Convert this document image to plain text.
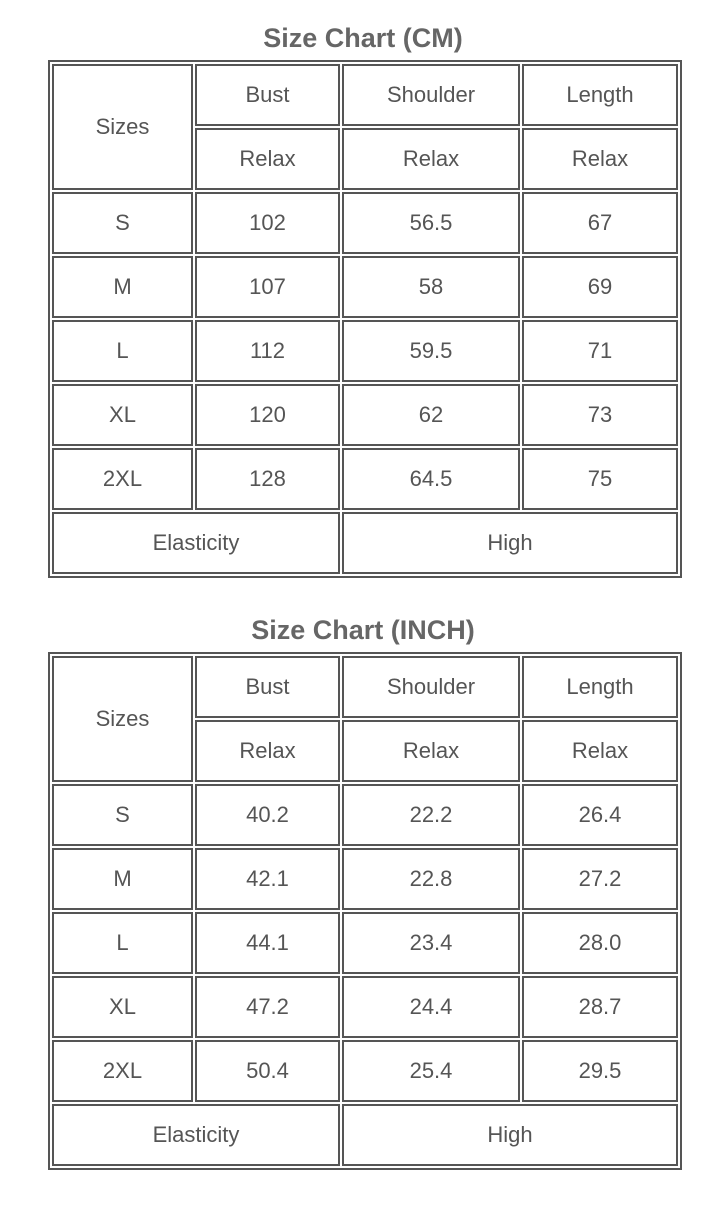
Size Chart (CM)
Sizes	Bust	Shoulder	Length
	Relax	Relax	Relax
S	102	56.5	67
M	107	58	69
L	112	59.5	71
XL	120	62	73
2XL	128	64.5	75
Elasticity		High	
Size Chart (INCH)
Sizes	Bust	Shoulder	Length
	Relax	Relax	Relax
S	40.2	22.2	26.4
M	42.1	22.8	27.2
L	44.1	23.4	28.0
XL	47.2	24.4	28.7
2XL	50.4	25.4	29.5
Elasticity		High	
